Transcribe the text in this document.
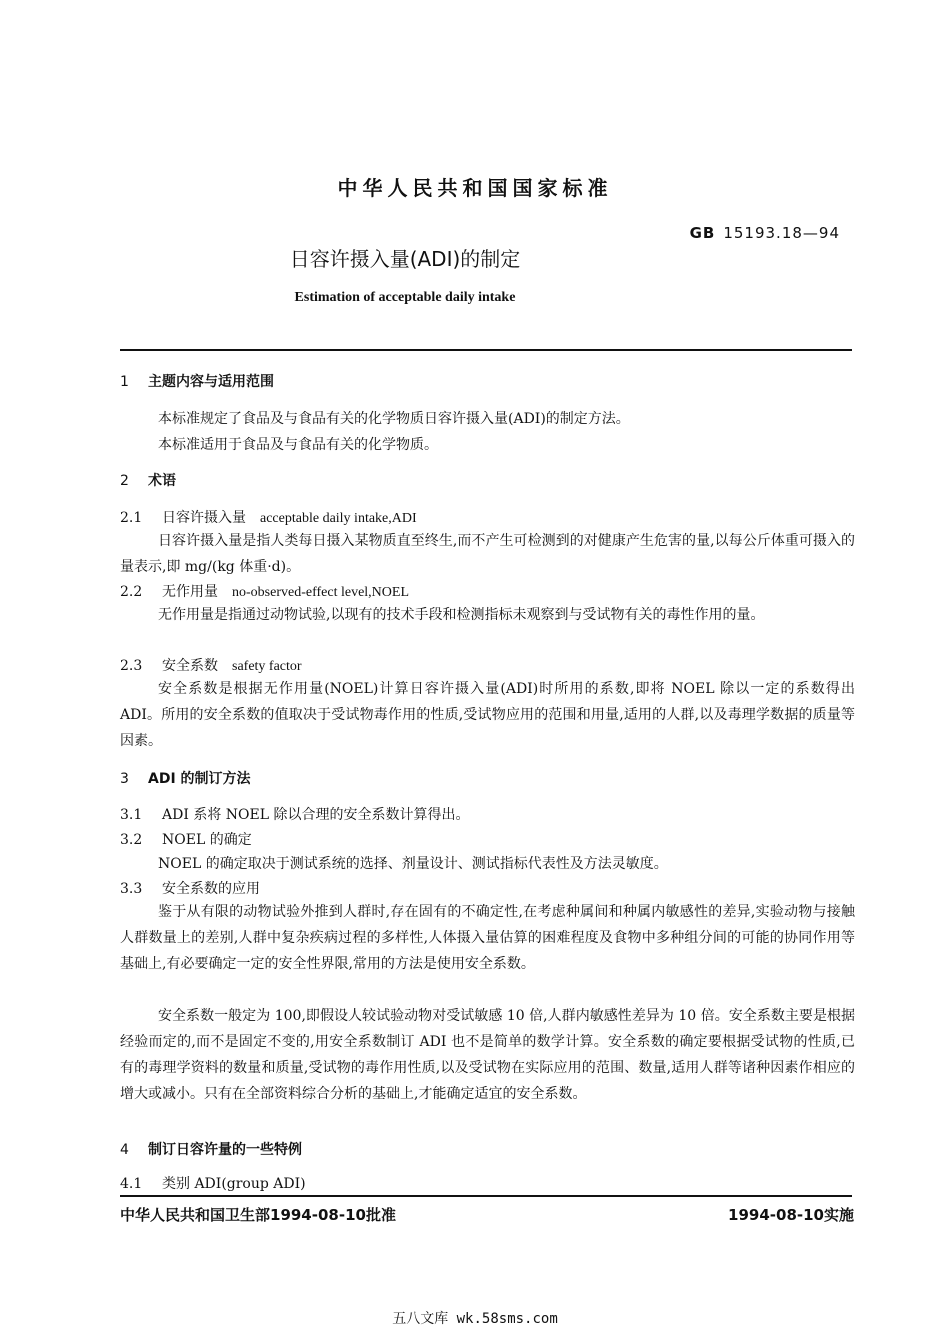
中华人民共和国国家标准
GB 15193.18—94
日容许摄入量(ADI)的制定
Estimation of acceptable daily intake
1 主题内容与适用范围
本标准规定了食品及与食品有关的化学物质日容许摄入量(ADI)的制定方法。
本标准适用于食品及与食品有关的化学物质。
2 术语
2.1 日容许摄入量 acceptable daily intake,ADI
日容许摄入量是指人类每日摄入某物质直至终生,而不产生可检测到的对健康产生危害的量,以每公斤体重可摄入的量表示,即 mg/(kg 体重·d)。
2.2 无作用量 no-observed-effect level,NOEL
无作用量是指通过动物试验,以现有的技术手段和检测指标未观察到与受试物有关的毒性作用的量。
2.3 安全系数 safety factor
安全系数是根据无作用量(NOEL)计算日容许摄入量(ADI)时所用的系数,即将 NOEL 除以一定的系数得出 ADI。所用的安全系数的值取决于受试物毒作用的性质,受试物应用的范围和用量,适用的人群,以及毒理学数据的质量等因素。
3 ADI 的制订方法
3.1 ADI 系将 NOEL 除以合理的安全系数计算得出。
3.2 NOEL 的确定
NOEL 的确定取决于测试系统的选择、剂量设计、测试指标代表性及方法灵敏度。
3.3 安全系数的应用
鉴于从有限的动物试验外推到人群时,存在固有的不确定性,在考虑种属间和种属内敏感性的差异,实验动物与接触人群数量上的差别,人群中复杂疾病过程的多样性,人体摄入量估算的困难程度及食物中多种组分间的可能的协同作用等基础上,有必要确定一定的安全性界限,常用的方法是使用安全系数。
安全系数一般定为 100,即假设人较试验动物对受试敏感 10 倍,人群内敏感性差异为 10 倍。安全系数主要是根据经验而定的,而不是固定不变的,用安全系数制订 ADI 也不是简单的数学计算。安全系数的确定要根据受试物的性质,已有的毒理学资料的数量和质量,受试物的毒作用性质,以及受试物在实际应用的范围、数量,适用人群等诸种因素作相应的增大或减小。只有在全部资料综合分析的基础上,才能确定适宜的安全系数。
4 制订日容许量的一些特例
4.1 类别 ADI(group ADI)
中华人民共和国卫生部1994-08-10批准	1994-08-10实施
五八文库 wk.58sms.com
